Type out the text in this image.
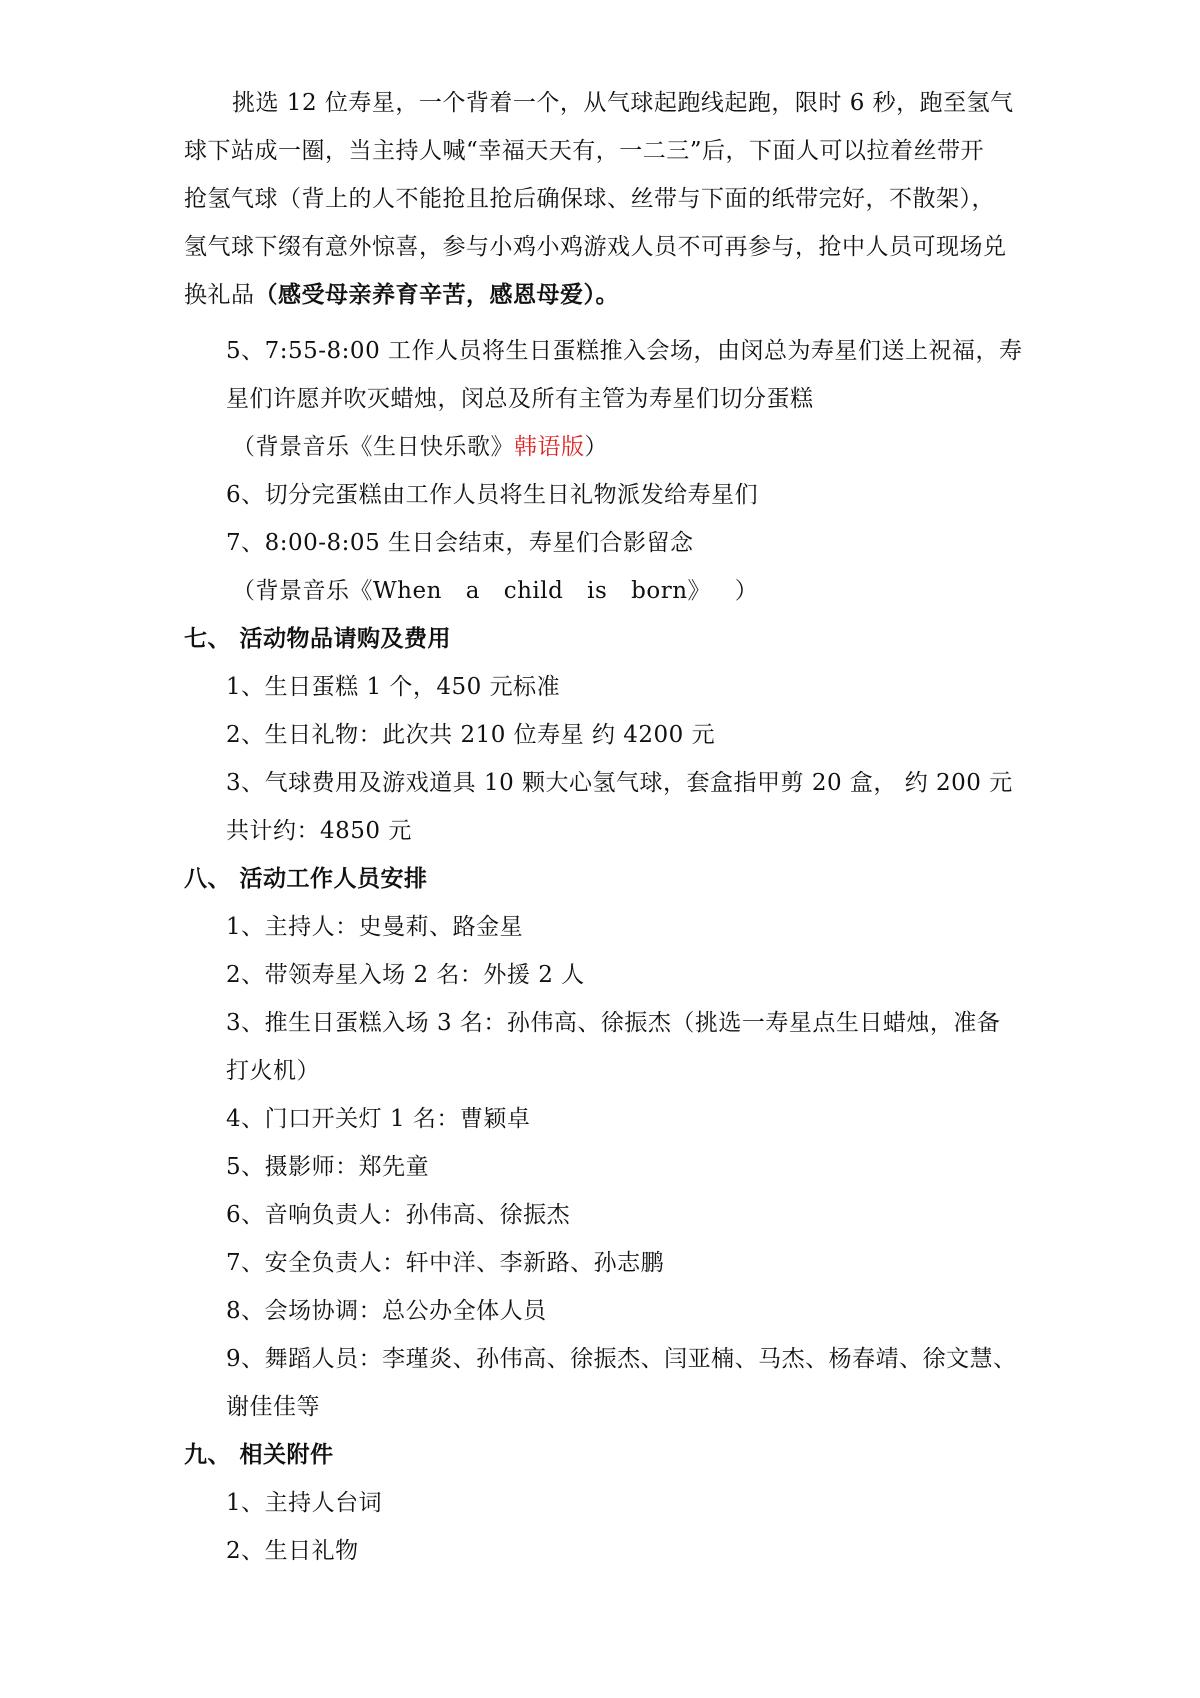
挑选 12 位寿星，一个背着一个，从气球起跑线起跑，限时 6 秒，跑至氢气
球下站成一圈，当主持人喊“幸福天天有，一二三”后，下面人可以拉着丝带开
抢氢气球（背上的人不能抢且抢后确保球、丝带与下面的纸带完好，不散架），
氢气球下缀有意外惊喜，参与小鸡小鸡游戏人员不可再参与，抢中人员可现场兑
换礼品（感受母亲养育辛苦，感恩母爱）。
5、7:55-8:00 工作人员将生日蛋糕推入会场，由闵总为寿星们送上祝福，寿
星们许愿并吹灭蜡烛，闵总及所有主管为寿星们切分蛋糕
（背景音乐《生日快乐歌》韩语版）
6、切分完蛋糕由工作人员将生日礼物派发给寿星们
7、8:00-8:05 生日会结束，寿星们合影留念
（背景音乐《When a child is born》 ）
七、 活动物品请购及费用
1、生日蛋糕 1 个，450 元标准
2、生日礼物：此次共 210 位寿星 约 4200 元
3、气球费用及游戏道具 10 颗大心氢气球，套盒指甲剪 20 盒， 约 200 元
共计约：4850 元
八、 活动工作人员安排
1、主持人：史曼莉、路金星
2、带领寿星入场 2 名：外援 2 人
3、推生日蛋糕入场 3 名：孙伟高、徐振杰（挑选一寿星点生日蜡烛，准备
打火机）
4、门口开关灯 1 名：曹颖卓
5、摄影师：郑先童
6、音响负责人：孙伟高、徐振杰
7、安全负责人：轩中洋、李新路、孙志鹏
8、会场协调：总公办全体人员
9、舞蹈人员：李瑾炎、孙伟高、徐振杰、闫亚楠、马杰、杨春靖、徐文慧、
谢佳佳等
九、 相关附件
1、主持人台词
2、生日礼物
